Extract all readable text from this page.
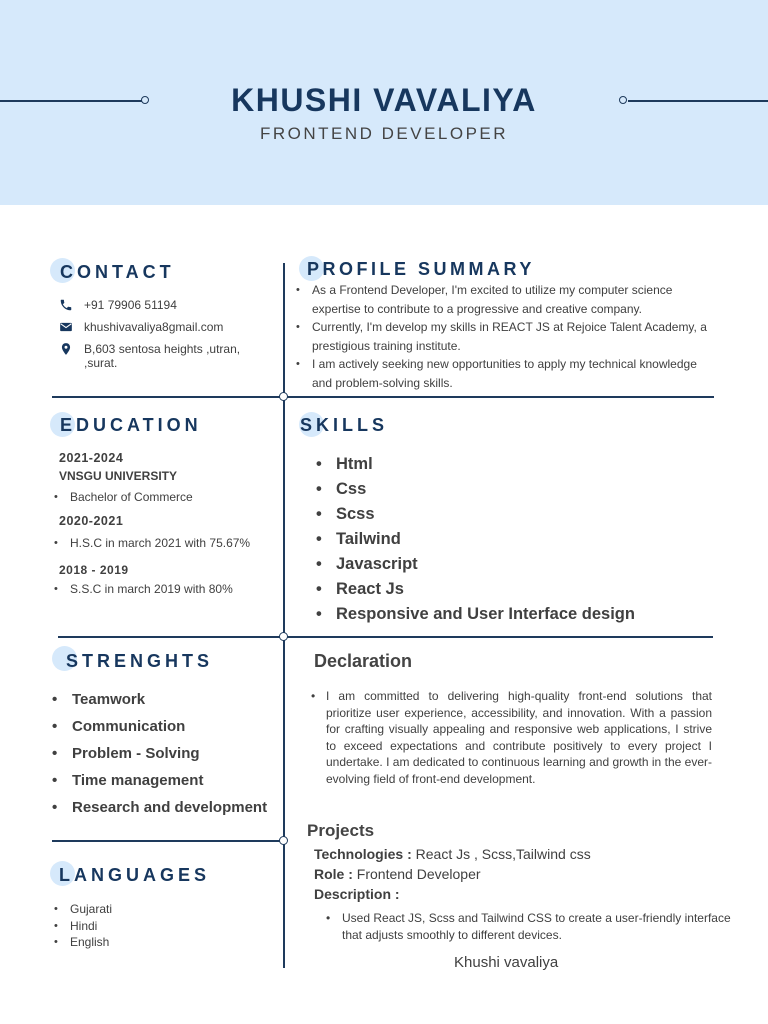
KHUSHI VAVALIYA
FRONTEND DEVELOPER
CONTACT
+91 79906 51194
khushivavaliya8gmail.com
B,603 sentosa heights ,utran,
,surat.
PROFILE SUMMARY
• As a Frontend Developer, I'm excited to utilize my computer science expertise to contribute to a progressive and creative company.
• Currently, I'm develop my skills in REACT JS at Rejoice Talent Academy, a prestigious training institute.
• I am actively seeking new opportunities to apply my technical knowledge and problem-solving skills.
EDUCATION
2021-2024
VNSGU UNIVERSITY
• Bachelor of Commerce
2020-2021
• H.S.C in march 2021 with 75.67%
2018 - 2019
• S.S.C in march 2019 with 80%
SKILLS
• Html
• Css
• Scss
• Tailwind
• Javascript
• React Js
• Responsive and User Interface design
STRENGHTS
• Teamwork
• Communication
• Problem - Solving
• Time management
• Research and development
Declaration
• I am committed to delivering high-quality front-end solutions that prioritize user experience, accessibility, and innovation. With a passion for crafting visually appealing and responsive web applications, I strive to exceed expectations and contribute positively to every project I undertake. I am dedicated to continuous learning and growth in the ever-evolving field of front-end development.
LANGUAGES
• Gujarati
• Hindi
• English
Projects
Technologies : React Js , Scss,Tailwind css
Role : Frontend Developer
Description :
• Used React JS, Scss and Tailwind CSS to create a user-friendly interface that adjusts smoothly to different devices.
Khushi vavaliya
